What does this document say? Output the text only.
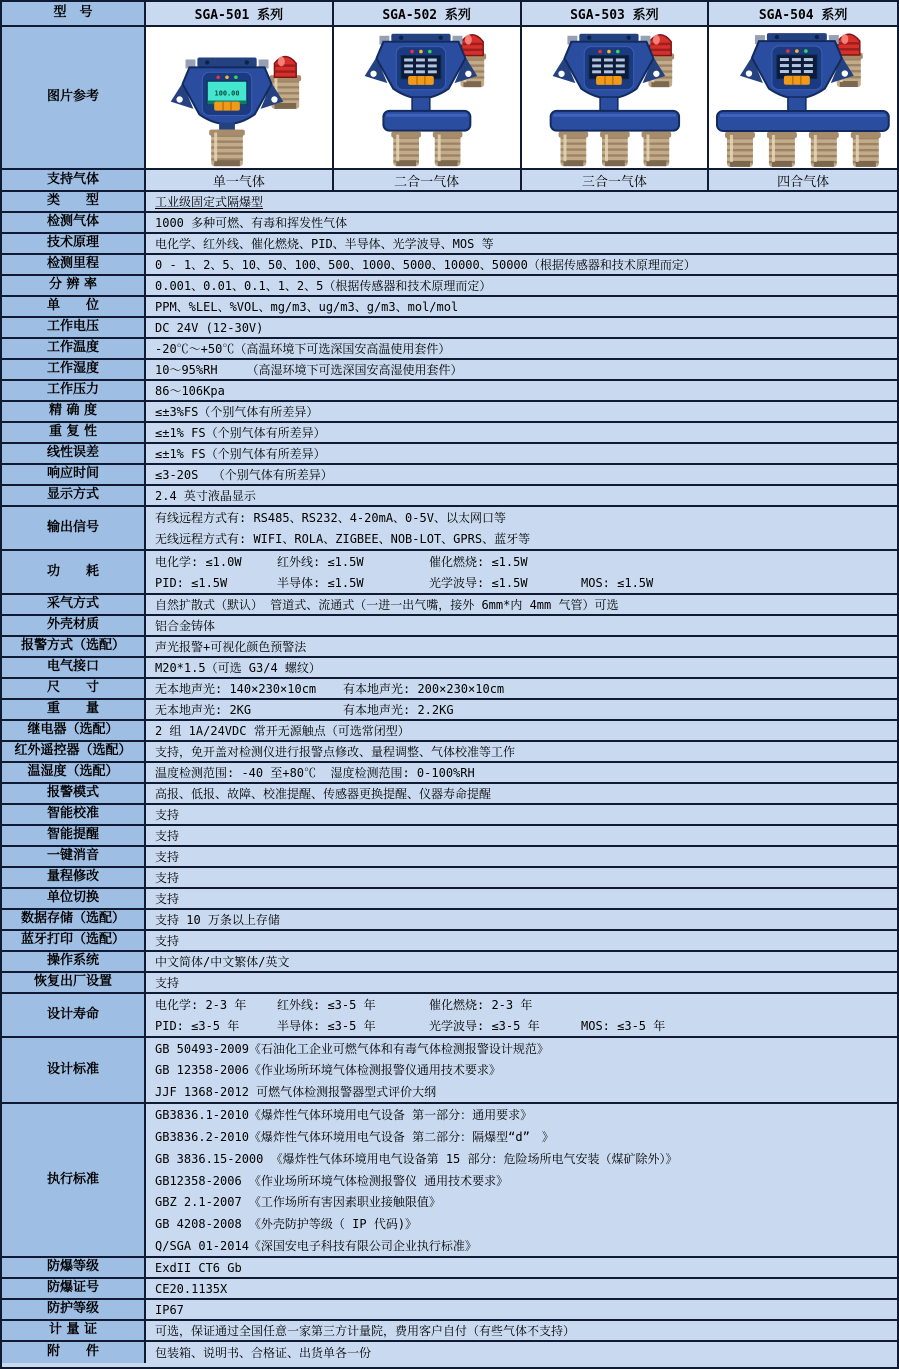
型　号	SGA-501 系列	SGA-502 系列	SGA-503 系列	SGA-504 系列
图片参考	100.00
支持气体	单一气体	二合一气体	三合一气体	四合气体
类　　型	工业级固定式隔爆型
检测气体	1000 多种可燃、有毒和挥发性气体
技术原理	电化学、红外线、催化燃烧、PID、半导体、光学波导、MOS 等
检测里程	0 - 1、2、5、10、50、100、500、1000、5000、10000、50000（根据传感器和技术原理而定）
分 辨 率	0.001、0.01、0.1、1、2、5（根据传感器和技术原理而定）
单　　位	PPM、%LEL、%VOL、mg/m3、ug/m3、g/m3、mol/mol
工作电压	DC 24V (12-30V)
工作温度	-20℃～+50℃（高温环境下可选深国安高温使用套件）
工作湿度	10～95%RH    （高湿环境下可选深国安高湿使用套件）
工作压力	86～106Kpa
精 确 度	≤±3%FS（个别气体有所差异）
重 复 性	≤±1% FS（个别气体有所差异）
线性误差	≤±1% FS（个别气体有所差异）
响应时间	≤3-20S  （个别气体有所差异）
显示方式	2.4 英寸液晶显示
输出信号
有线远程方式有: RS485、RS232、4-20mA、0-5V、以太网口等
无线远程方式有: WIFI、ROLA、ZIGBEE、NOB-LOT、GPRS、蓝牙等
功　　耗
电化学: ≤1.0W	红外线: ≤1.5W	催化燃烧: ≤1.5W
PID: ≤1.5W	半导体: ≤1.5W	光学波导: ≤1.5W	MOS: ≤1.5W
采气方式	自然扩散式（默认） 管道式、流通式（一进一出气嘴，接外 6mm*内 4mm 气管）可选
外壳材质	铝合金铸体
报警方式（选配）	声光报警+可视化颜色预警法
电气接口	M20*1.5（可选 G3/4 螺纹）
尺　　寸	无本地声光: 140×230×10cm	有本地声光: 200×230×10cm
重　　量	无本地声光: 2KG	有本地声光: 2.2KG
继电器（选配）	2 组 1A/24VDC 常开无源触点（可选常闭型）
红外遥控器（选配）	支持，免开盖对检测仪进行报警点修改、量程调整、气体校准等工作
温湿度（选配）	温度检测范围: -40 至+80℃  湿度检测范围: 0-100%RH
报警模式	高报、低报、故障、校准提醒、传感器更换提醒、仪器寿命提醒
智能校准	支持
智能提醒	支持
一键消音	支持
量程修改	支持
单位切换	支持
数据存储（选配）	支持 10 万条以上存储
蓝牙打印（选配）	支持
操作系统	中文简体/中文繁体/英文
恢复出厂设置	支持
设计寿命
电化学: 2-3 年	红外线: ≤3-5 年	催化燃烧: 2-3 年
PID: ≤3-5 年	半导体: ≤3-5 年	光学波导: ≤3-5 年	MOS: ≤3-5 年
设计标准
GB 50493-2009《石油化工企业可燃气体和有毒气体检测报警设计规范》
GB 12358-2006《作业场所环境气体检测报警仪通用技术要求》
JJF 1368-2012 可燃气体检测报警器型式评价大纲
执行标准
GB3836.1-2010《爆炸性气体环境用电气设备 第一部分：通用要求》
GB3836.2-2010《爆炸性气体环境用电气设备 第二部分：隔爆型“d”　》
GB 3836.15-2000 《爆炸性气体环境用电气设备第 15 部分：危险场所电气安装（煤矿除外）》
GB12358-2006 《作业场所环境气体检测报警仪 通用技术要求》
GBZ 2.1-2007 《工作场所有害因素职业接触限值》
GB 4208-2008 《外壳防护等级（ IP 代码)》
Q/SGA 01-2014《深国安电子科技有限公司企业执行标准》
防爆等级	ExdII CT6 Gb
防爆证号	CE20.1135X
防护等级	IP67
计 量 证	可选，保证通过全国任意一家第三方计量院，费用客户自付（有些气体不支持）
附　　件	包装箱、说明书、合格证、出货单各一份
